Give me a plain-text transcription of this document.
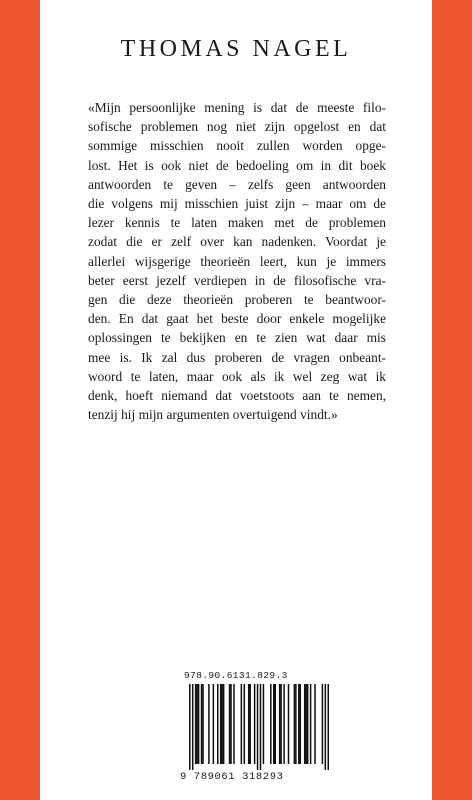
THOMAS NAGEL

«Mijn persoonlijke mening is dat de meeste filo-
sofische problemen nog niet zijn opgelost en dat
sommige misschien nooit zullen worden opge-
lost. Het is ook niet de bedoeling om in dit boek
antwoorden te geven – zelfs geen antwoorden
die volgens mij misschien juist zijn – maar om de
lezer kennis te laten maken met de problemen
zodat die er zelf over kan nadenken. Voordat je
allerlei wijsgerige theorieën leert, kun je immers
beter eerst jezelf verdiepen in de filosofische vra-
gen die deze theorieën proberen te beantwoor-
den. En dat gaat het beste door enkele mogelijke
oplossingen te bekijken en te zien wat daar mis
mee is. Ik zal dus proberen de vragen onbeant-
woord te laten, maar ook als ik wel zeg wat ik
denk, hoeft niemand dat voetstoots aan te nemen,
tenzij hij mijn argumenten overtuigend vindt.»

978.90.6131.829.3
9 789061 318293
